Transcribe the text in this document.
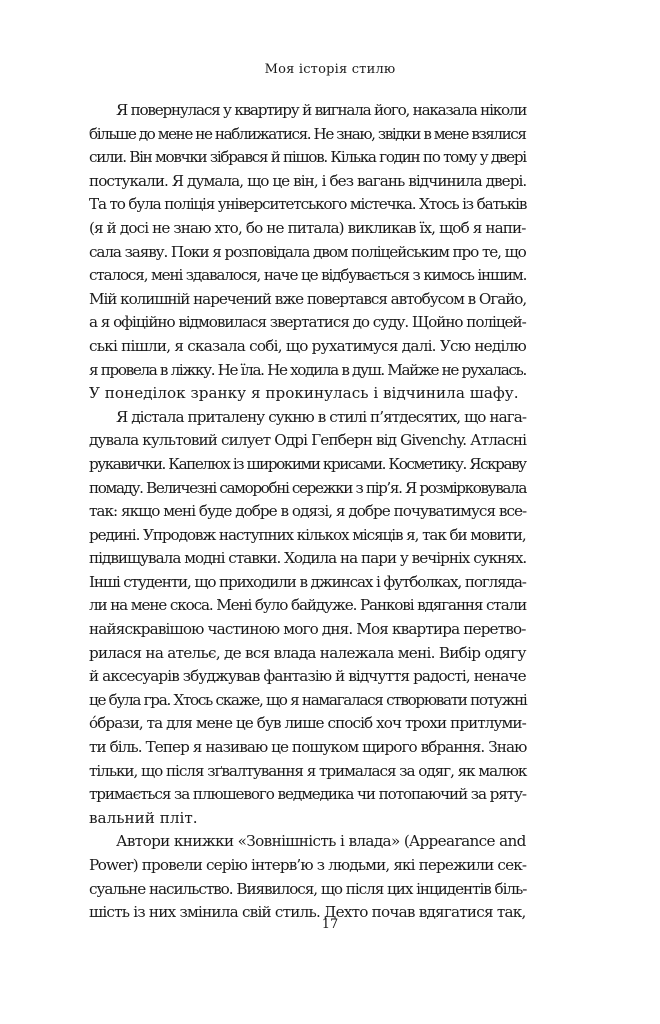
Моя історія стилю
Я повернулася у квартиру й вигнала його, наказала ніколи
більше до мене не наближатися. Не знаю, звідки в мене взялися
сили. Він мовчки зібрався й пішов. Кілька годин по тому у двері
постукали. Я думала, що це він, і без вагань відчинила двері.
Та то була поліція університетського містечка. Хтось із батьків
(я й досі не знаю хто, бо не питала) викликав їх, щоб я напи-
сала заяву. Поки я розповідала двом поліцейським про те, що
сталося, мені здавалося, наче це відбувається з кимось іншим.
Мій колишній наречений вже повертався автобусом в Огайо,
а я офіційно відмовилася звертатися до суду. Щойно поліцей-
ські пішли, я сказала собі, що рухатимуся далі. Усю неділю
я провела в ліжку. Не їла. Не ходила в душ. Майже не рухалась.
У понеділок зранку я прокинулась і відчинила шафу.
Я дістала приталену сукню в стилі п’ятдесятих, що нага-
дувала культовий силует Одрі Гепберн від Givenchy. Атласні
рукавички. Капелюх із широкими крисами. Косметику. Яскраву
помаду. Величезні саморобні сережки з пір’я. Я розмірковувала
так: якщо мені буде добре в одязі, я добре почуватимуся все-
редині. Упродовж наступних кількох місяців я, так би мовити,
підвищувала модні ставки. Ходила на пари у вечірніх сукнях.
Інші студенти, що приходили в джинсах і футболках, погляда-
ли на мене скоса. Мені було байдуже. Ранкові вдягання стали
найяскравішою частиною мого дня. Моя квартира перетво-
рилася на ательє, де вся влада належала мені. Вибір одягу
й аксесуарів збуджував фантазію й відчуття радості, неначе
це була гра. Хтось скаже, що я намагалася створювати потужні
óбрази, та для мене це був лише спосіб хоч трохи притлуми-
ти біль. Тепер я називаю це пошуком щирого вбрання. Знаю
тільки, що після зґвалтування я трималася за одяг, як малюк
тримається за плюшевого ведмедика чи потопаючий за ряту-
вальний пліт.
Автори книжки «Зовнішність і влада» (Appearance and
Power) провели серію інтерв’ю з людьми, які пережили сек-
суальне насильство. Виявилося, що після цих інцидентів біль-
шість із них змінила свій стиль. Дехто почав вдягатися так,
17
